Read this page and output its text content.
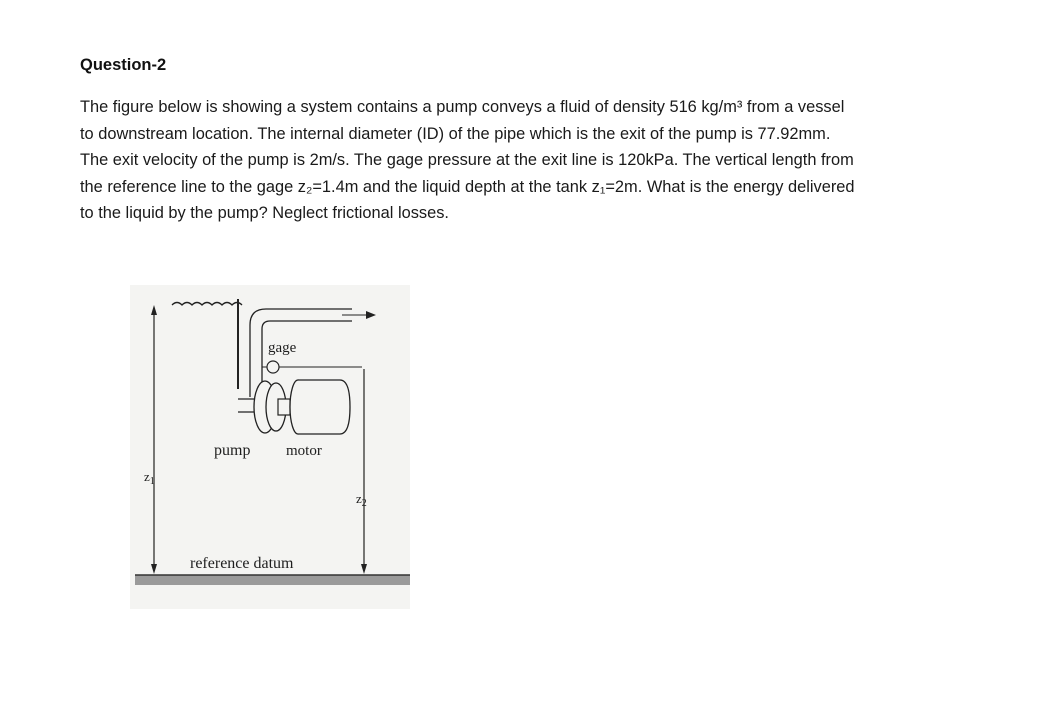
Question-2

The figure below is showing a system contains a pump conveys a fluid of density 516 kg/m³ from a vessel

to downstream location. The internal diameter (ID) of the pipe which is the exit of the pump is 77.92mm.

The exit velocity of the pump is 2m/s. The gage pressure at the exit line is 120kPa. The vertical length from

the reference line to the gage z₂=1.4m and the liquid depth at the tank z₁=2m. What is the energy delivered

to the liquid by the pump? Neglect frictional losses.

gage
pump motor
$z_1$
$z_2$
reference datum
